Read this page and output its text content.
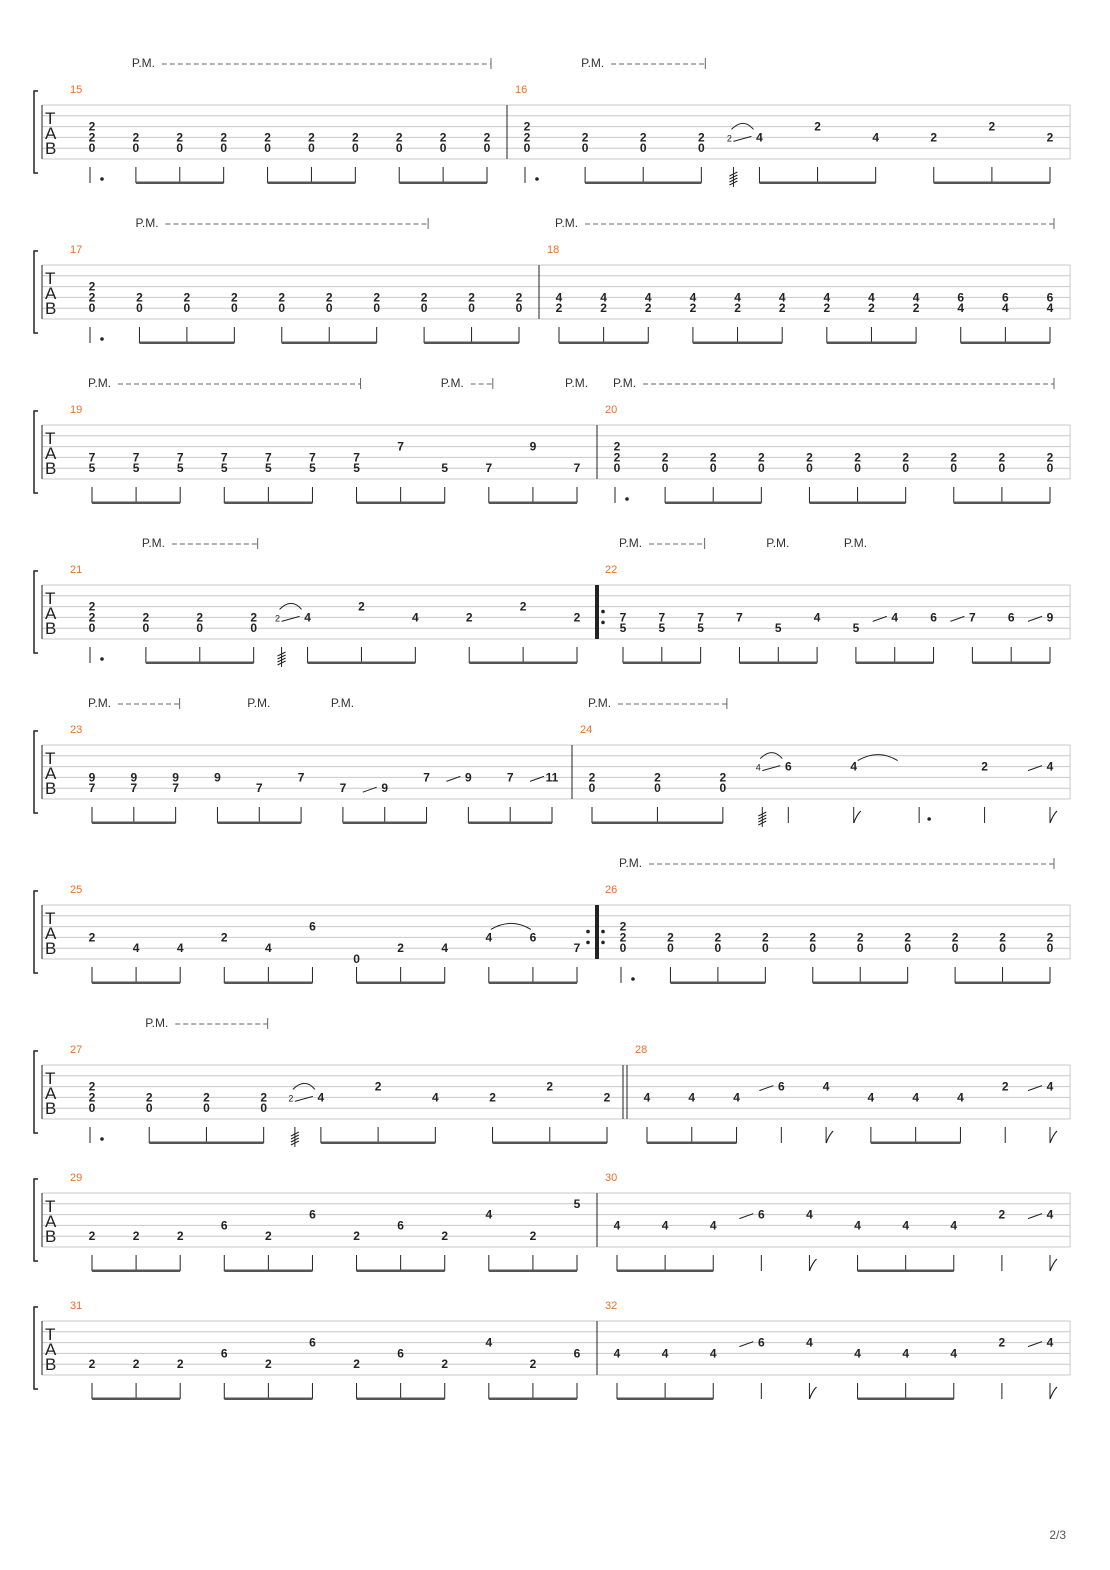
T
A
B
15
2
2
0
2
0
2
0
2
0
2
0
2
0
2
0
2
0
2
0
2
0
P.M.
16
2
2
0
2
0
2
0
2
0
4
2
2
4	2
2
2
P.M.
T
A
B
17
2
2
0
2
0
2
0
2
0
2
0
2
0
2
0
2
0
2
0
2
0
P.M.
18
4
2
4
2
4
2
4
2
4
2
4
2
4
2
4
2
4
2
6
4
6
4
6
4
P.M.
T
A
B
19
7
5
7
5
7
5
7
5
7
5
7
5
7
5
7
5	7
9
7
P.M.	P.M.	P.M.
20
2
2
0
2
0
2
0
2
0
2
0
2
0
2
0
2
0
2
0
2
0
P.M.
T
A
B
21
2
2
0
2
0
2
0
2
0
4
2
2
4	2
2
2
P.M.
22
7
5
7
5
7
5
7
5
4
5
4	6	7	6	9
P.M.	P.M.	P.M.
T
A
B
23
9
7
9
7
9
7
9
7
7
7	9
7	9	7	11
P.M.	P.M.	P.M.
24
2
0
2
0
2
0
6
4	4	2	4
P.M.
T
A
B
25
2
4	4
2
4
6
0
2	4
4	6
7
26
2
2
0
2
0
2
0
2
0
2
0
2
0
2
0
2
0
2
0
2
0
P.M.
T
A
B
27
2
2
0
2
0
2
0
2
0
4
2
2
4	2
2
2
P.M.
28
4	4	4
6	4
4	4	4
2	4
T
A
B
29
2	2	2
6
2
6
2
6
2
4
2
5
30
4	4	4
6	4
4	4	4
2	4
T
A
B
31
2	2	2
6
2
6
2
6
2
4
2
6
32
4	4	4
6	4
4	4	4
2	4
2/3
